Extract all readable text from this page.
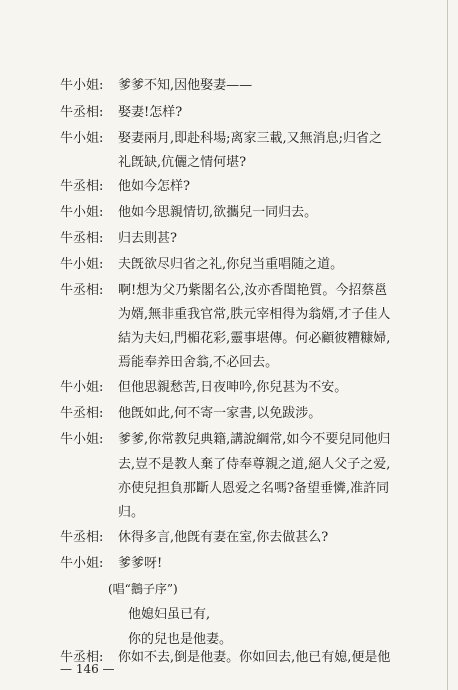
牛小姐: 爹爹不知,因他娶妻——
牛丞相: 娶妻!怎样?
牛小姐: 娶妻兩月,即赴科場;离家三載,又無消息;归省之
礼旣缺,伉儷之情何堪?
牛丞相: 他如今怎样?
牛小姐: 他如今思親情切,欲攜兒一同归去。
牛丞相: 归去則甚?
牛小姐: 夫旣欲尽归省之礼,你兒当重唱随之道。
牛丞相: 啊!想为父乃紫閣名公,汝亦香閨艳質。今招蔡邕
为婿,無非重我官常,胅元宰相得为翁婿,才子佳人
結为夫妇,門楣花彩,靈事堪傳。何必顧彼糟糠婦,
焉能奉养田舍翁,不必回去。
牛小姐: 但他思親愁苦,日夜呻吟,你兒甚为不安。
牛丞相: 他旣如此,何不寄一家書,以免跋涉。
牛小姐: 爹爹,你常教兒典籍,講說綱常,如今不要兒同他归
去,豈不是教人棄了侍奉尊親之道,絕人父子之爱,
亦使兒担負那斷人恩爱之名嗎?备望垂憐,准許同
归。
牛丞相: 休得多言,他旣有妻在室,你去做甚么?
牛小姐: 爹爹呀!
(唱“鵝子序”)
他媳妇虽已有,
你的兒也是他妻。
牛丞相: 你如不去,倒是他妻。你如回去,他已有媳,便是他
— 146 —
